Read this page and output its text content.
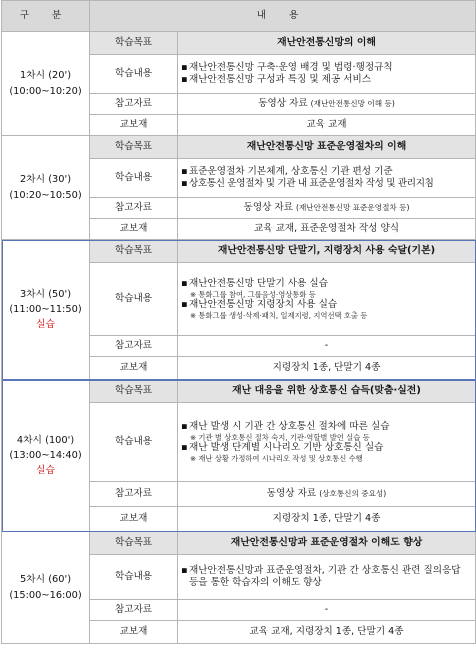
구 분	내 용	
1차시 (20')
(10:00~10:20)	학습목표	재난안전통신망의 이해
	학습내용	▪재난안전통신망 구축·운영 배경 및 법령·행정규칙
▪재난안전통신망 구성과 특징 및 제공 서비스

	참고자료	동영상 자료 (재난안전통신망 이해 등)
	교보재	교육 교재
2차시 (30')
(10:20~10:50)	학습목표	재난안전통신망 표준운영절차의 이해
	학습내용	▪표준운영절차 기본체계, 상호통신 기관 편성 기준
▪ 상호통신 운영절차 및 기관 내 표준운영절차 작성 및 관리지침

	참고자료	동영상 자료 (재난안전통신망 표준운영절차 등)
	교보재	교육 교재, 표준운영절차 작성 양식
3차시 (50')
(11:00~11:50)
실습	학습목표	재난안전통신망 단말기, 지령장치 사용 숙달(기본)
	학습내용	▪재난안전통신망 단말기 사용 실습
※ 통화그룹 참여, 그룹음성·영상통화 등
▪재난안전통신망 지령장치 사용 실습
※ 통화그룹 생성·삭제·패치, 일제지령, 지역선택 호출 등

	참고자료	-
	교보재	지령장치 1종, 단말기 4종
4차시 (100')
(13:00~14:40)
실습	학습목표	재난 대응을 위한 상호통신 습득(맞춤·실전)
	학습내용	▪재난 발생 시 기관 간 상호통신 절차에 따른 실습
※ 기관 별 상호통신 절차 숙지, 기관·역할별 발언 실습 등
▪재난 발생 단계별 시나리오 기반 상호통신 실습
※ 재난 상황 가정하여 시나리오 작성 및 상호통신 수행

	참고자료	동영상 자료 (상호통신의 중요성)
	교보재	지령장치 1종, 단말기 4종
5차시 (60')
(15:00~16:00)	학습목표	재난안전통신망과 표준운영절차 이해도 향상
	학습내용	▪ 재난안전통신망과 표준운영절차, 기관 간 상호통신 관련 질의응답 등을 통한 학습자의 이해도 향상

	참고자료	-
	교보재	교육 교재, 지령장치 1종, 단말기 4종
